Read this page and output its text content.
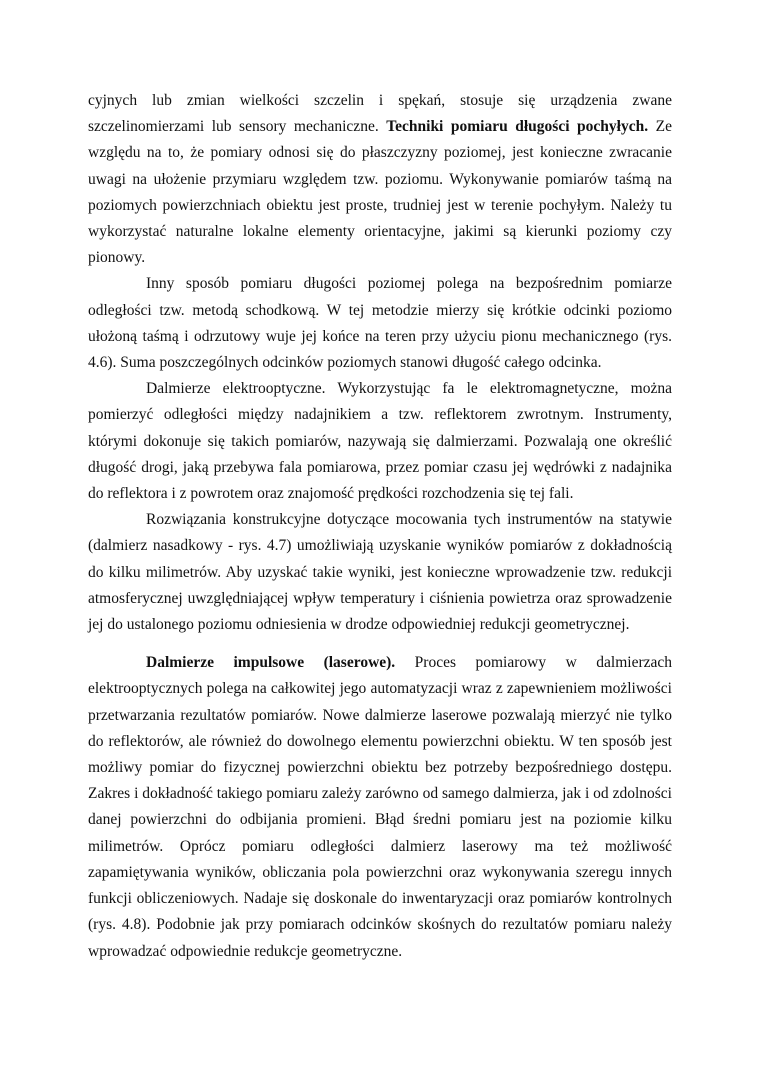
cyjnych lub zmian wielkości szczelin i spękań, stosuje się urządzenia zwane szczelinomierzami lub sensory mechaniczne. Techniki pomiaru długości pochyłych. Ze względu na to, że pomiary odnosi się do płaszczyzny poziomej, jest konieczne zwracanie uwagi na ułożenie przymiaru względem tzw. poziomu. Wykonywanie pomiarów taśmą na poziomych powierzchniach obiektu jest proste, trudniej jest w terenie pochyłym. Należy tu wykorzystać naturalne lokalne elementy orientacyjne, jakimi są kierunki poziomy czy pionowy.

Inny sposób pomiaru długości poziomej polega na bezpośrednim pomiarze odległości tzw. metodą schodkową. W tej metodzie mierzy się krótkie odcinki poziomo ułożoną taśmą i odrzutowy wuje jej końce na teren przy użyciu pionu mechanicznego (rys. 4.6). Suma poszczególnych odcinków poziomych stanowi długość całego odcinka.

Dalmierze elektrooptyczne. Wykorzystując fa le elektromagnetyczne, można pomierzyć odległości między nadajnikiem a tzw. reflektorem zwrotnym. Instrumenty, którymi dokonuje się takich pomiarów, nazywają się dalmierzami. Pozwalają one określić długość drogi, jaką przebywa fala pomiarowa, przez pomiar czasu jej wędrówki z nadajnika do reflektora i z powrotem oraz znajomość prędkości rozchodzenia się tej fali.

Rozwiązania konstrukcyjne dotyczące mocowania tych instrumentów na statywie (dalmierz nasadkowy - rys. 4.7) umożliwiają uzyskanie wyników pomiarów z dokładnością do kilku milimetrów. Aby uzyskać takie wyniki, jest konieczne wprowadzenie tzw. redukcji atmosferycznej uwzględniającej wpływ temperatury i ciśnienia powietrza oraz sprowadzenie jej do ustalonego poziomu odniesienia w drodze odpowiedniej redukcji geometrycznej.

Dalmierze impulsowe (laserowe). Proces pomiarowy w dalmierzach elektrooptycznych polega na całkowitej jego automatyzacji wraz z zapewnieniem możliwości przetwarzania rezultatów pomiarów. Nowe dalmierze laserowe pozwalają mierzyć nie tylko do reflektorów, ale również do dowolnego elementu powierzchni obiektu. W ten sposób jest możliwy pomiar do fizycznej powierzchni obiektu bez potrzeby bezpośredniego dostępu. Zakres i dokładność takiego pomiaru zależy zarówno od samego dalmierza, jak i od zdolności danej powierzchni do odbijania promieni. Błąd średni pomiaru jest na poziomie kilku milimetrów. Oprócz pomiaru odległości dalmierz laserowy ma też możliwość zapamiętywania wyników, obliczania pola powierzchni oraz wykonywania szeregu innych funkcji obliczeniowych. Nadaje się doskonale do inwentaryzacji oraz pomiarów kontrolnych (rys. 4.8). Podobnie jak przy pomiarach odcinków skośnych do rezultatów pomiaru należy wprowadzać odpowiednie redukcje geometryczne.
